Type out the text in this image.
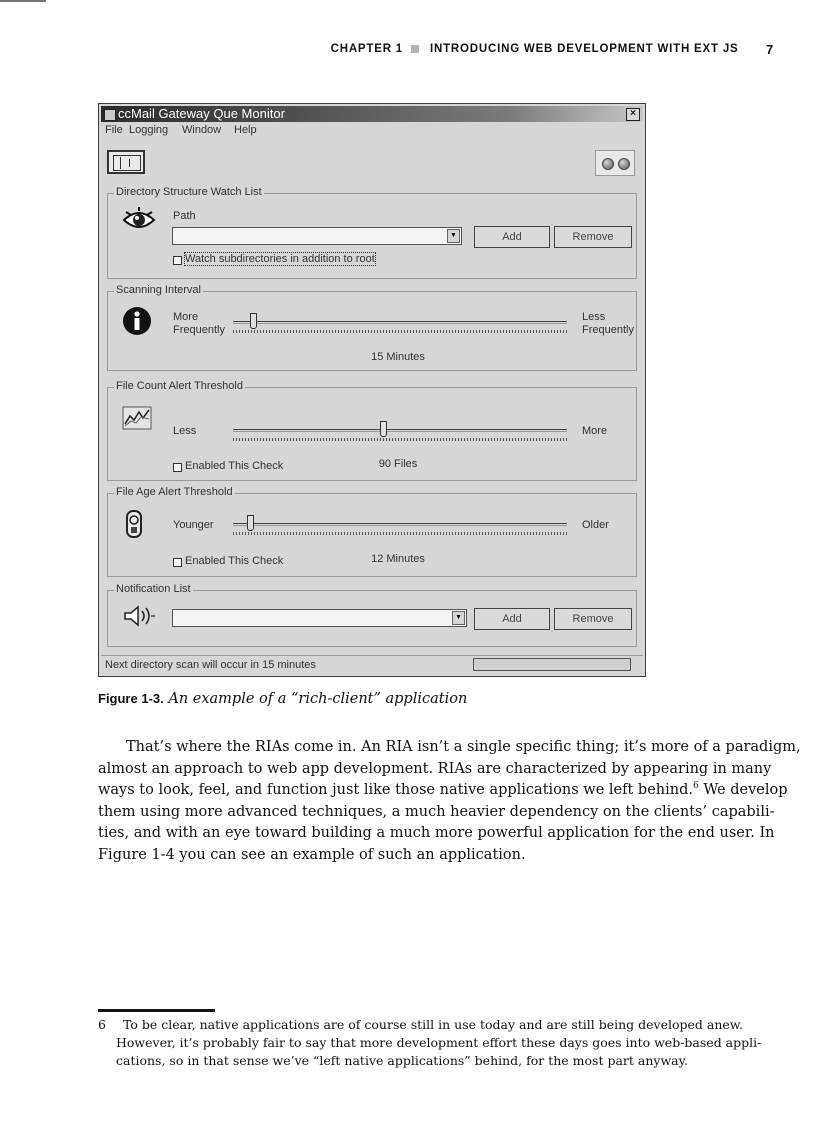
CHAPTER 1 INTRODUCING WEB DEVELOPMENT WITH EXT JS 7
ccMail Gateway Que Monitor	×
File Logging Window Help
Directory Structure Watch List
Path
▼	Add	Remove
Watch subdirectories in addition to root
Scanning Interval
More
Frequently
Less
Frequently
15 Minutes
File Count Alert Threshold
Less	More
Enabled This Check	90 Files
File Age Alert Threshold
Younger	Older
Enabled This Check	12 Minutes
Notification List
▼	Add	Remove
Next directory scan will occur in 15 minutes
Figure 1-3. An example of a “rich-client” application
That’s where the RIAs come in. An RIA isn’t a single specific thing; it’s more of a paradigm,
almost an approach to web app development. RIAs are characterized by appearing in many
ways to look, feel, and function just like those native applications we left behind.$^6$ We develop
them using more advanced techniques, a much heavier dependency on the clients’ capabili-
ties, and with an eye toward building a much more powerful application for the end user. In
Figure 1-4 you can see an example of such an application.
6 To be clear, native applications are of course still in use today and are still being developed anew.
However, it’s probably fair to say that more development effort these days goes into web-based appli-
cations, so in that sense we’ve “left native applications” behind, for the most part anyway.
